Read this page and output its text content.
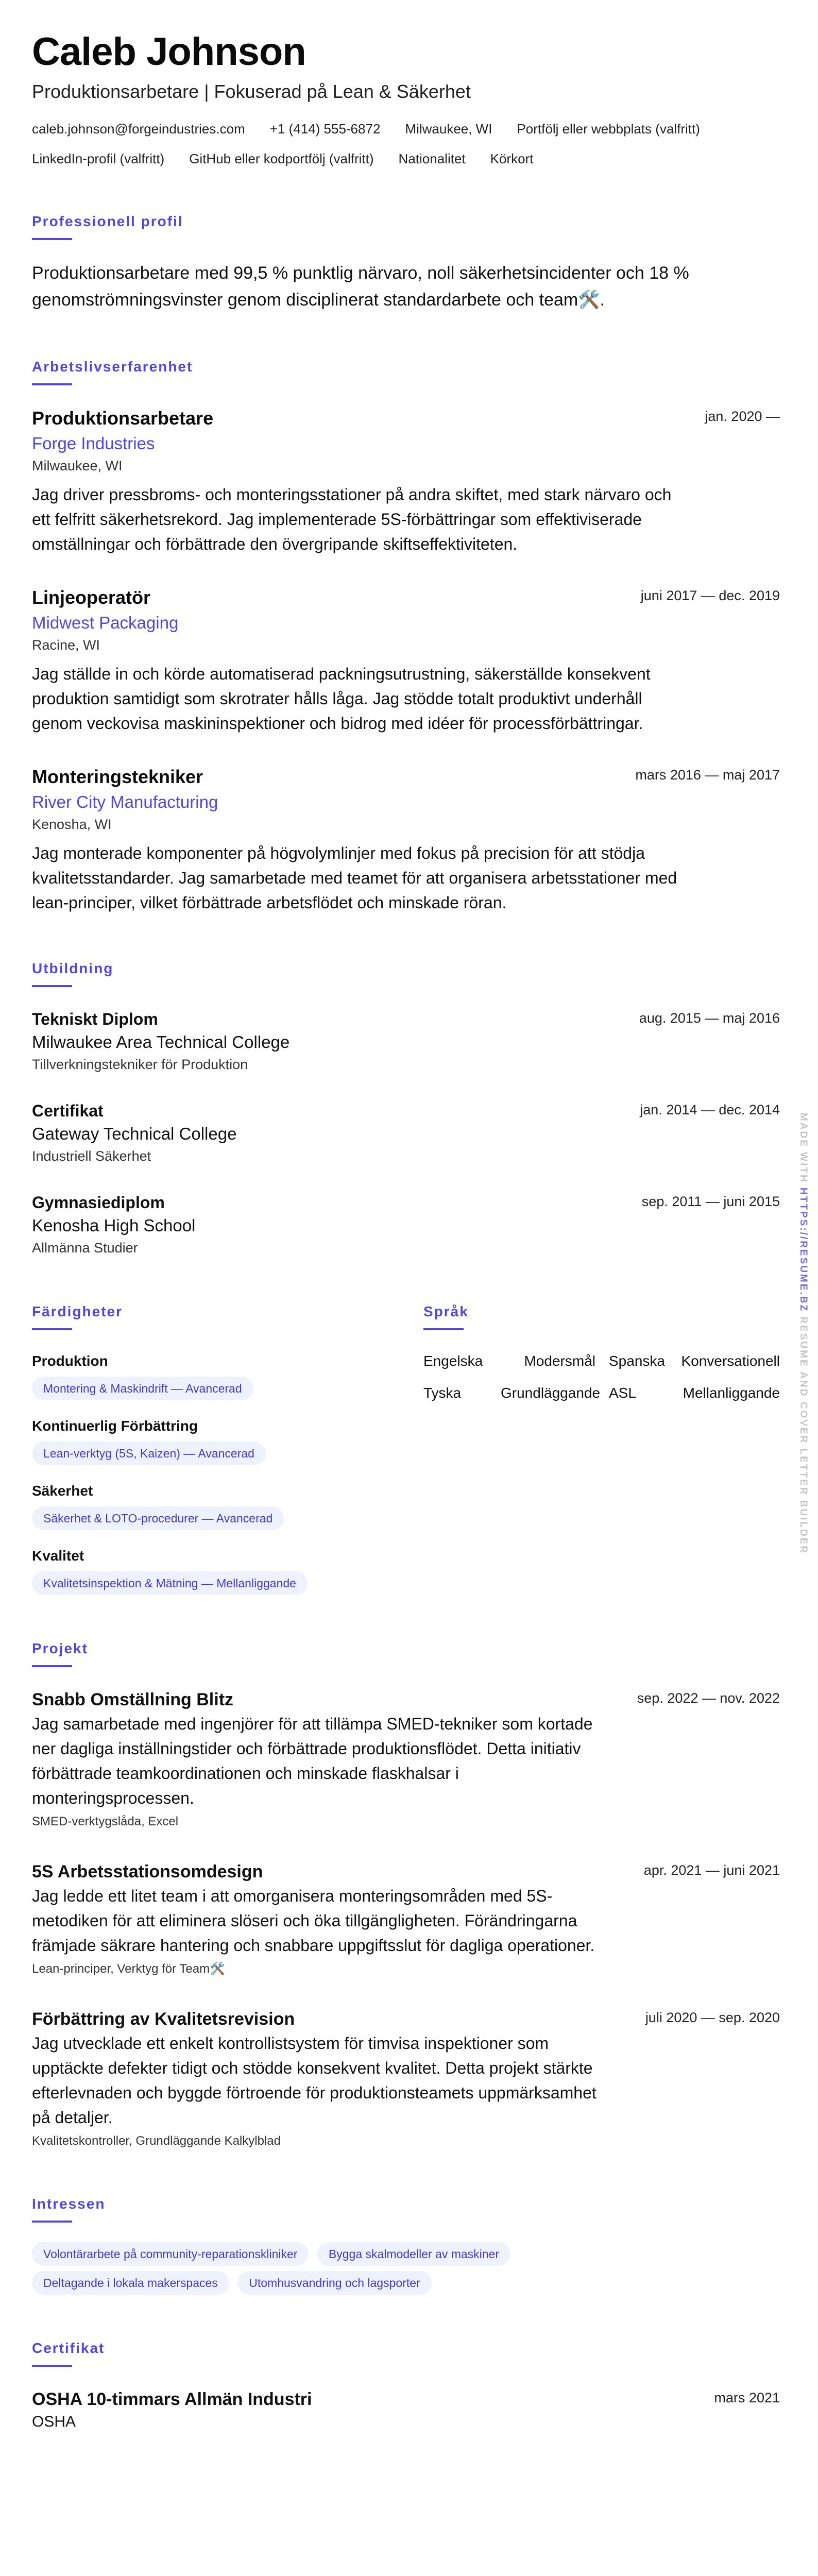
Caleb Johnson
Produktionsarbetare | Fokuserad på Lean & Säkerhet
caleb.johnson@forgeindustries.com +1 (414) 555-6872 Milwaukee, WI Portfölj eller webbplats (valfritt)
LinkedIn-profil (valfritt) GitHub eller kodportfölj (valfritt) Nationalitet Körkort
Professionell profil

Produktionsarbetare med 99,5 % punktlig närvaro, noll säkerhetsincidenter och 18 % genomströmningsvinster genom disciplinerat standardarbete och team🛠️.

Arbetslivserfarenhet
Produktionsarbetare	jan. 2020 —
Forge Industries
Milwaukee, WI

Jag driver pressbroms- och monteringsstationer på andra skiftet, med stark närvaro och ett felfritt säkerhetsrekord. Jag implementerade 5S-förbättringar som effektiviserade omställningar och förbättrade den övergripande skiftseffektiviteten.

Linjeoperatör	juni 2017 — dec. 2019
Midwest Packaging
Racine, WI

Jag ställde in och körde automatiserad packningsutrustning, säkerställde konsekvent produktion samtidigt som skrotrater hålls låga. Jag stödde totalt produktivt underhåll genom veckovisa maskininspektioner och bidrog med idéer för processförbättringar.

Monteringstekniker	mars 2016 — maj 2017
River City Manufacturing
Kenosha, WI

Jag monterade komponenter på högvolymlinjer med fokus på precision för att stödja kvalitetsstandarder. Jag samarbetade med teamet för att organisera arbetsstationer med lean-principer, vilket förbättrade arbetsflödet och minskade röran.

Utbildning
Tekniskt Diplom	aug. 2015 — maj 2016
Milwaukee Area Technical College
Tillverkningstekniker för Produktion
Certifikat	jan. 2014 — dec. 2014
Gateway Technical College
Industriell Säkerhet
Gymnasiediplom	sep. 2011 — juni 2015
Kenosha High School
Allmänna Studier
Färdigheter
Produktion
Montering & Maskindrift — Avancerad
Kontinuerlig Förbättring
Lean-verktyg (5S, Kaizen) — Avancerad
Säkerhet
Säkerhet & LOTO-procedurer — Avancerad
Kvalitet
Kvalitetsinspektion & Mätning — Mellanliggande
Språk
Engelska	Modersmål Spanska	Konversationell
Tyska	Grundläggande ASL	Mellanliggande
Projekt
Snabb Omställning Blitz	sep. 2022 — nov. 2022

Jag samarbetade med ingenjörer för att tillämpa SMED-tekniker som kortade ner dagliga inställningstider och förbättrade produktionsflödet. Detta initiativ förbättrade teamkoordinationen och minskade flaskhalsar i monteringsprocessen.

SMED-verktygslåda, Excel
5S Arbetsstationsomdesign	apr. 2021 — juni 2021

Jag ledde ett litet team i att omorganisera monteringsområden med 5S-metodiken för att eliminera slöseri och öka tillgängligheten. Förändringarna främjade säkrare hantering och snabbare uppgiftsslut för dagliga operationer.

Lean-principer, Verktyg för Team🛠️
Förbättring av Kvalitetsrevision	juli 2020 — sep. 2020

Jag utvecklade ett enkelt kontrollistsystem för timvisa inspektioner som upptäckte defekter tidigt och stödde konsekvent kvalitet. Detta projekt stärkte efterlevnaden och byggde förtroende för produktionsteamets uppmärksamhet på detaljer.

Kvalitetskontroller, Grundläggande Kalkylblad
Intressen
Volontärarbete på community-reparationskliniker	Bygga skalmodeller av maskiner Deltagande i lokala makerspaces	Utomhusvandring och lagsporter
Certifikat
OSHA 10-timmars Allmän Industri	mars 2021
OSHA
MADE WITH HTTPS://RESUME.BZ RESUME AND COVER LETTER BUILDER
